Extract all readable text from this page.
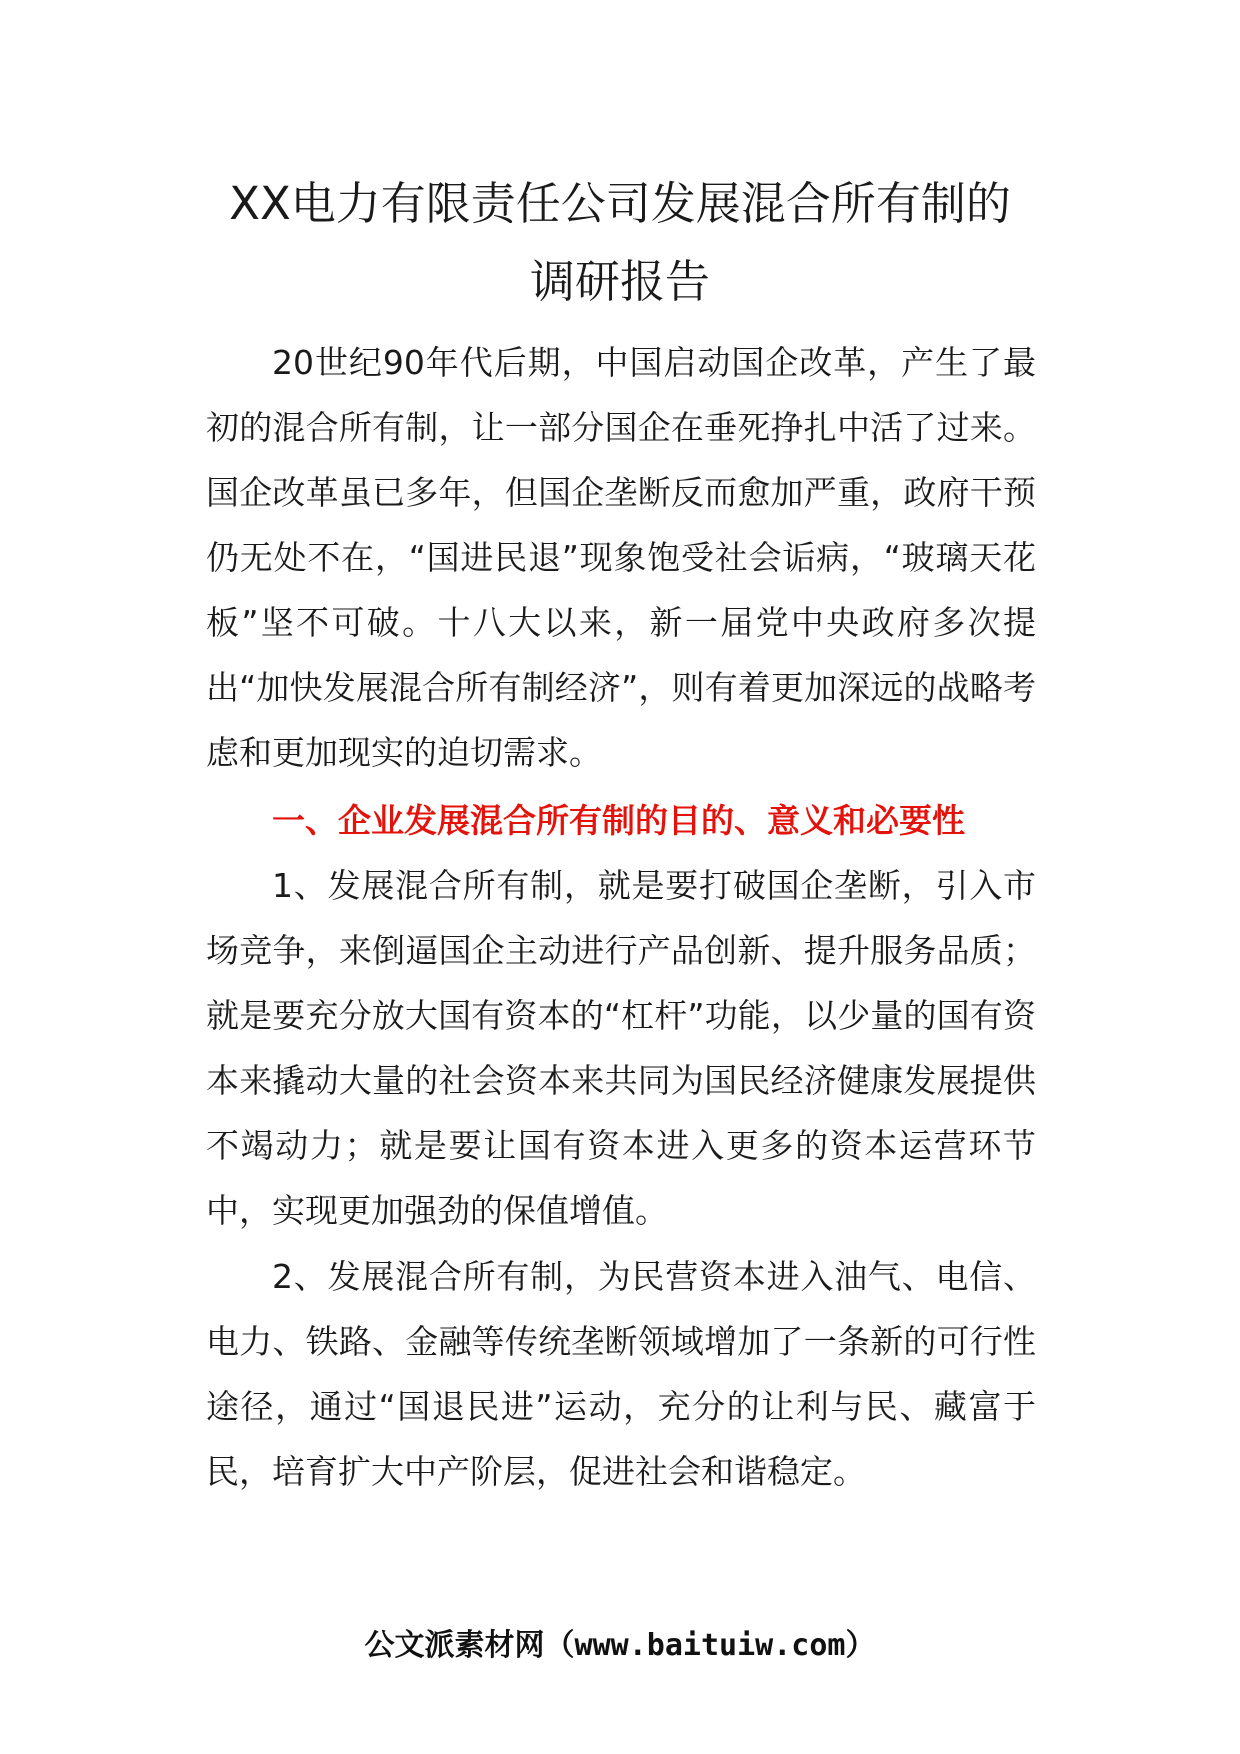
XX电力有限责任公司发展混合所有制的
调研报告

20世纪90年代后期，中国启动国企改革，产生了最初的混合所有制，让一部分国企在垂死挣扎中活了过来。国企改革虽已多年，但国企垄断反而愈加严重，政府干预仍无处不在，“国进民退”现象饱受社会诟病，“玻璃天花板”坚不可破。十八大以来，新一届党中央政府多次提出“加快发展混合所有制经济”，则有着更加深远的战略考虑和更加现实的迫切需求。

一、企业发展混合所有制的目的、意义和必要性

1、发展混合所有制，就是要打破国企垄断，引入市场竞争，来倒逼国企主动进行产品创新、提升服务品质；就是要充分放大国有资本的“杠杆”功能，以少量的国有资本来撬动大量的社会资本来共同为国民经济健康发展提供不竭动力；就是要让国有资本进入更多的资本运营环节中，实现更加强劲的保值增值。

2、发展混合所有制，为民营资本进入油气、电信、电力、铁路、金融等传统垄断领域增加了一条新的可行性途径，通过“国退民进”运动，充分的让利与民、藏富于民，培育扩大中产阶层，促进社会和谐稳定。

公文派素材网（www.baituiw.com）
